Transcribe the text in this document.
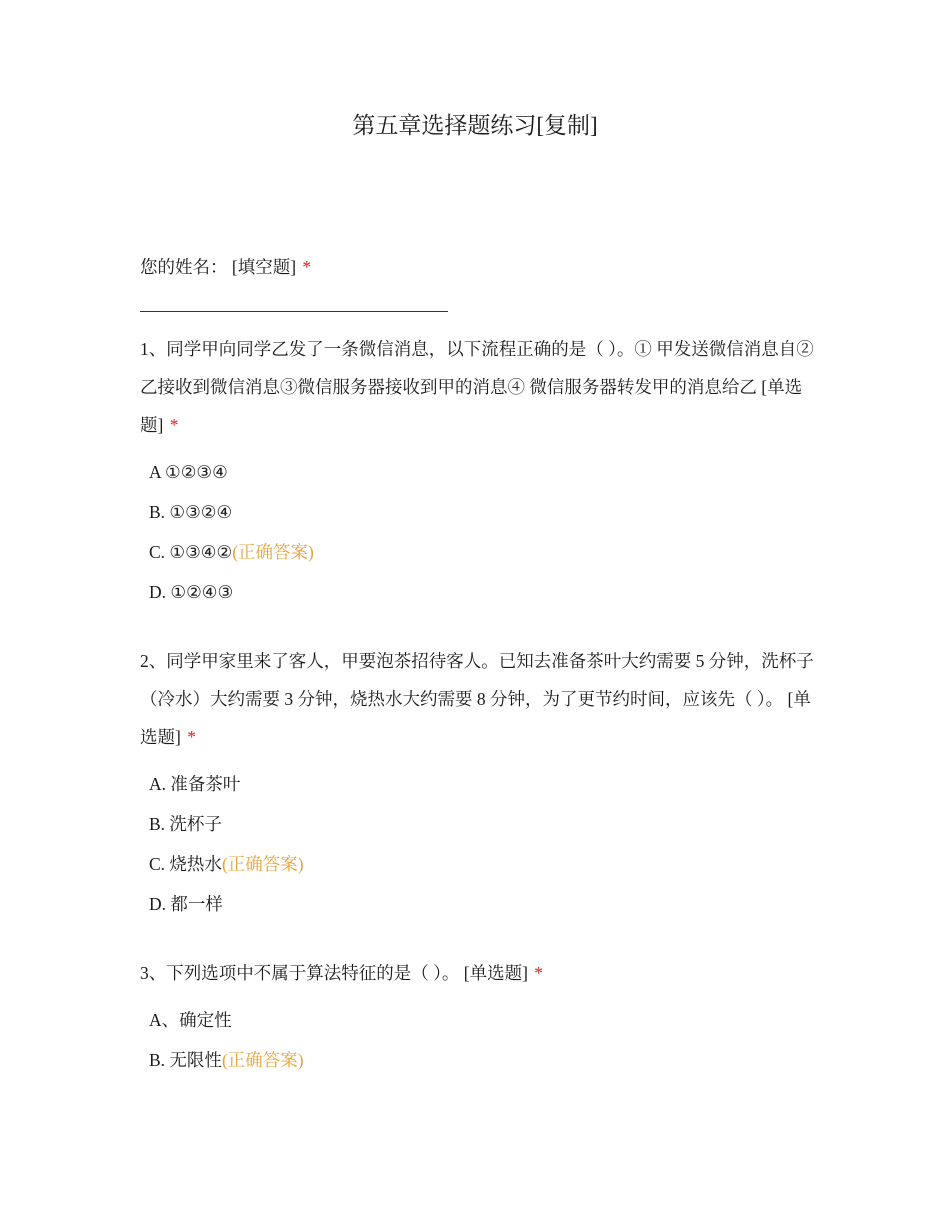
第五章选择题练习[复制]

您的姓名： [填空题] *

1、同学甲向同学乙发了一条微信消息，以下流程正确的是（ ）。① 甲发送微信消息自②乙接收到微信消息③微信服务器接收到甲的消息④ 微信服务器转发甲的消息给乙 [单选题] *

A ①②③④
B. ①③②④
C. ①③④②(正确答案)
D. ①②④③

2、同学甲家里来了客人，甲要泡茶招待客人。已知去准备茶叶大约需要 5 分钟，洗杯子（冷水）大约需要 3 分钟，烧热水大约需要 8 分钟，为了更节约时间，应该先（ ）。 [单选题] *

A. 准备茶叶
B. 洗杯子
C. 烧热水(正确答案)
D. 都一样

3、下列选项中不属于算法特征的是（ ）。 [单选题] *

A、确定性
B. 无限性(正确答案)
